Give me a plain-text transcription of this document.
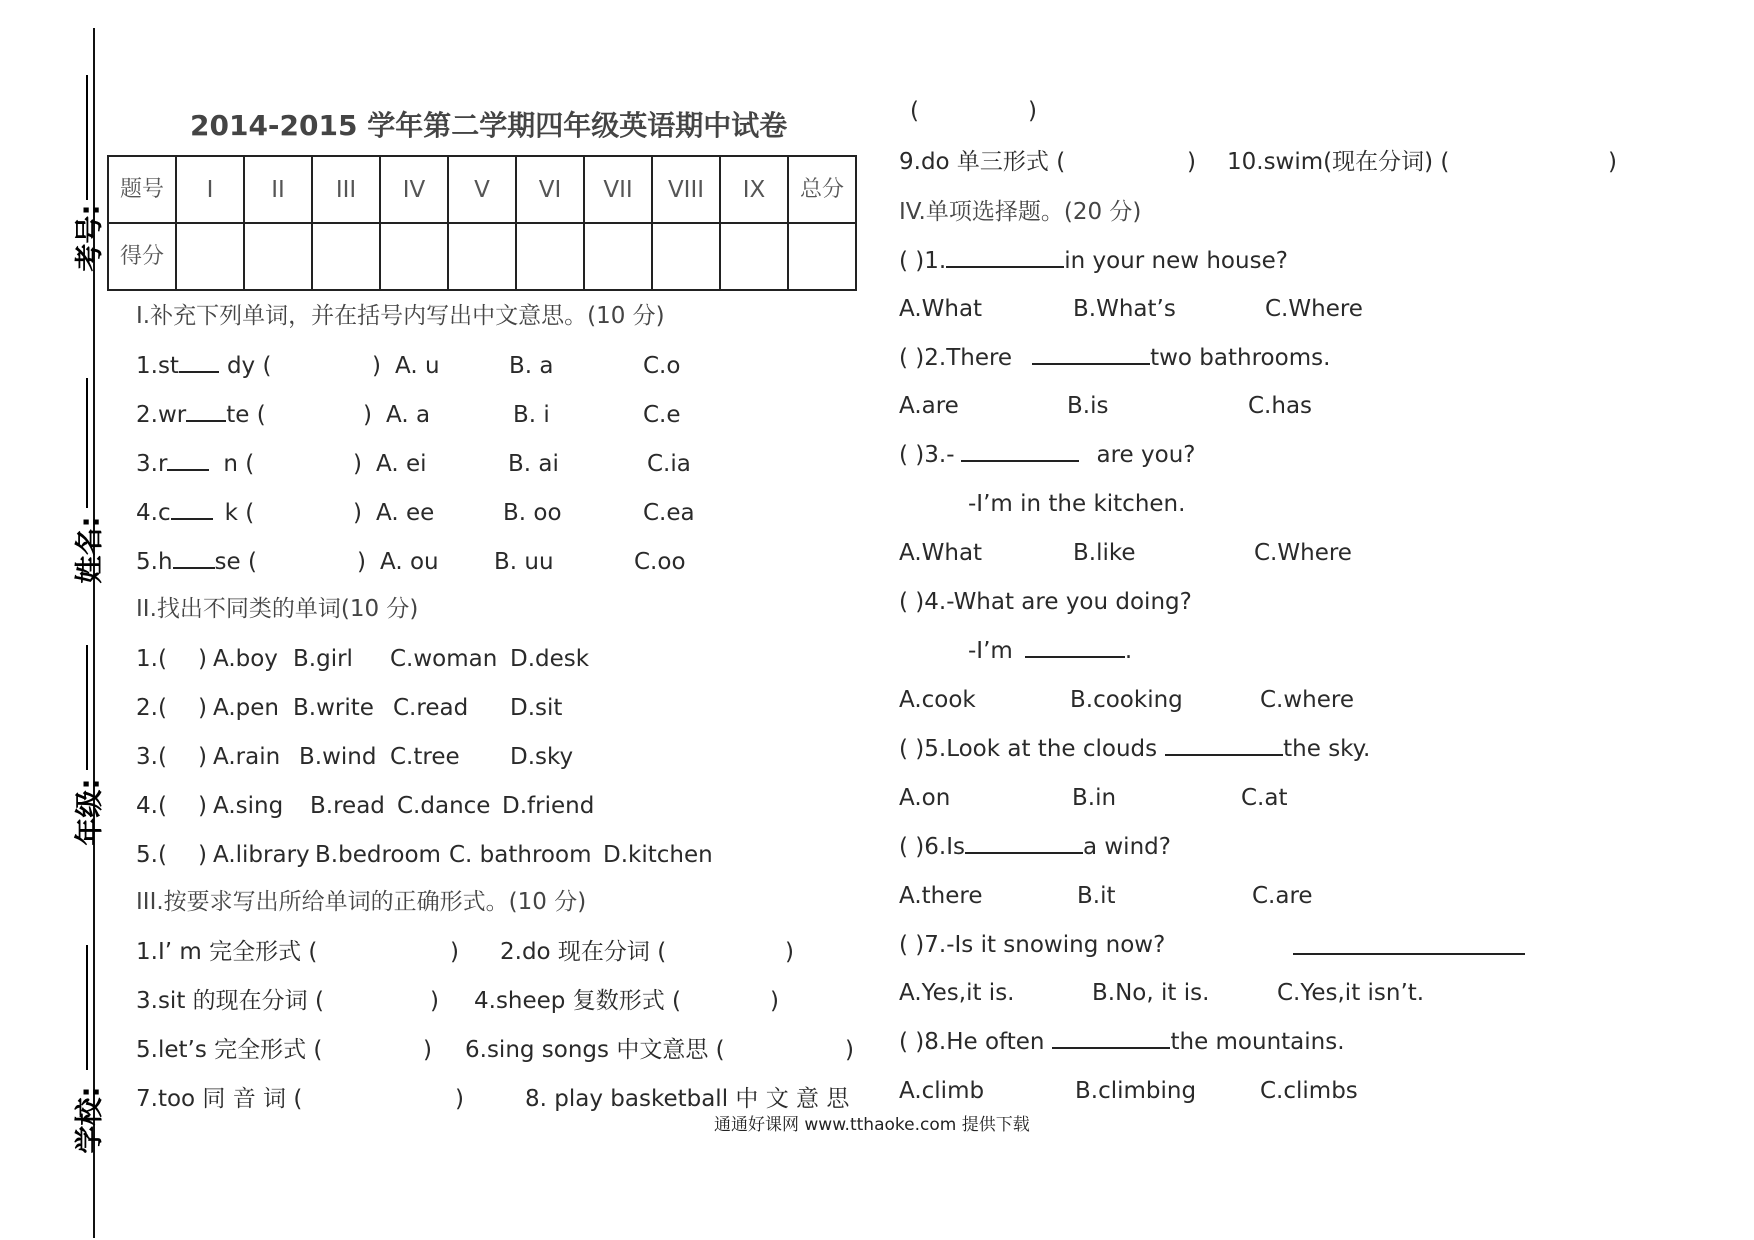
考号:
姓名:
年级:
学校:
2014-2015 学年第二学期四年级英语期中试卷
题号	I	II	III	IV	V	VI	VII	VIII	IX	总分
得分										
I.补充下列单词，并在括号内写出中文意思。(10 分)
1.st dy (	) A. u	B. a	C.o
2.wr te (	) A. a	B. i	C.e
3.r n (	) A. ei	B. ai	C.ia
4.c k (	) A. ee	B. oo	C.ea
5.h se (	) A. ou B. uu	C.oo
II.找出不同类的单词(10 分)
1.( ) A.boy B.girl C.woman D.desk
2.( ) A.pen B.write C.read D.sit
3.( ) A.rain B.wind C.tree D.sky
4.( ) A.sing B.read C.dance D.friend
5.( ) A.library B.bedroom C. bathroom D.kitchen
III.按要求写出所给单词的正确形式。(10 分)
1.I’ m 完全形式 (	) 2.do 现在分词 (	)
3.sit 的现在分词 (	) 4.sheep 复数形式 (	)
5.let’s 完全形式 (	) 6.sing songs 中文意思 (	)
7.too 同 音 词 (	)	8. play basketball 中 文 意 思
(	)
9.do 单三形式 (	) 10.swim(现在分词) (	)
IV.单项选择题。(20 分)
( )1.	in your new house?
A.What	B.What’s	C.Where
( )2.There	two bathrooms.
A.are	B.is	C.has
( )3.-	are you?
-I’m in the kitchen.
A.What	B.like	C.Where
( )4.-What are you doing?
-I’m	.
A.cook	B.cooking	C.where
( )5.Look at the clouds	the sky.
A.on	B.in	C.at
( )6.Is	a wind?
A.there	B.it	C.are
( )7.-Is it snowing now?
A.Yes,it is.	B.No, it is.	C.Yes,it isn’t.
( )8.He often	the mountains.
A.climb	B.climbing	C.climbs
通通好课网 www.tthaoke.com 提供下载
